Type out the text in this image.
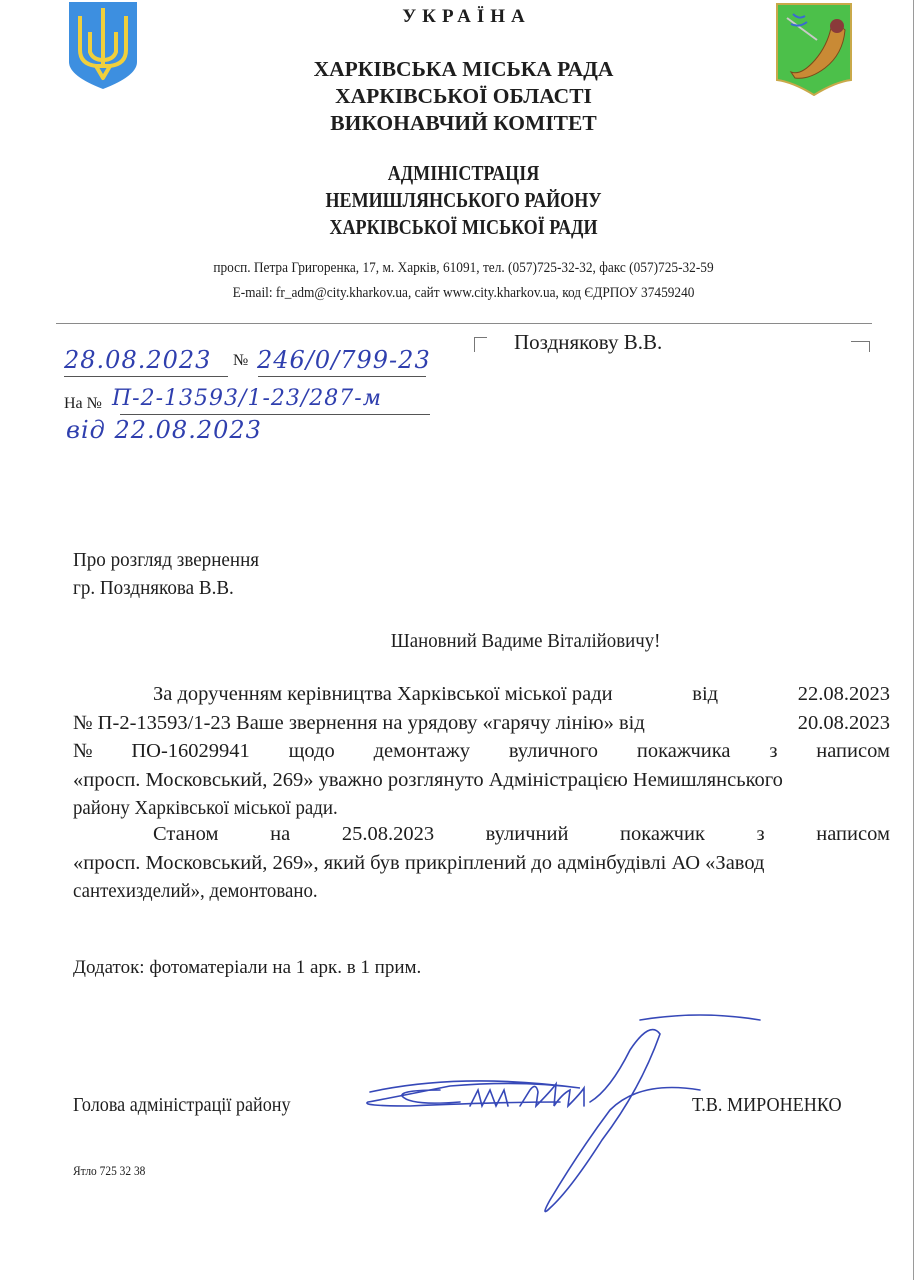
УКРАЇНА
ХАРКІВСЬКА МІСЬКА РАДА
ХАРКІВСЬКОЇ ОБЛАСТІ
ВИКОНАВЧИЙ КОМІТЕТ
АДМІНІСТРАЦІЯ
НЕМИШЛЯНСЬКОГО РАЙОНУ
ХАРКІВСЬКОЇ МІСЬКОЇ РАДИ
просп. Петра Григоренка, 17, м. Харків, 61091, тел. (057)725-32-32, факс (057)725-32-59
E-mail: fr_adm@city.kharkov.ua, сайт www.city.kharkov.ua, код ЄДРПОУ 37459240
28.08.2023	№ 246/0/799-23
На № П-2-13593/1-23/287-м
від 22.08.2023
Позднякову В.В.
Про розгляд звернення
гр. Позднякова В.В.
Шановний Вадиме Віталійовичу!
За дорученням керівництва Харківської міської ради	від	22.08.2023
№ П-2-13593/1-23 Ваше звернення на урядову «гарячу лінію» від	20.08.2023
№ ПО-16029941 щодо демонтажу вуличного покажчика з написом
«просп. Московський, 269» уважно розглянуто Адміністрацією Немишлянського
району Харківської міської ради.
Станом	на	25.08.2023	вуличний	покажчик	з	написом
«просп. Московський, 269», який був прикріплений до адмінбудівлі АО «Завод
сантехизделий», демонтовано.
Додаток: фотоматеріали на 1 арк. в 1 прим.
Голова адміністрації району	Т.В. МИРОНЕНКО
Ятло 725 32 38
